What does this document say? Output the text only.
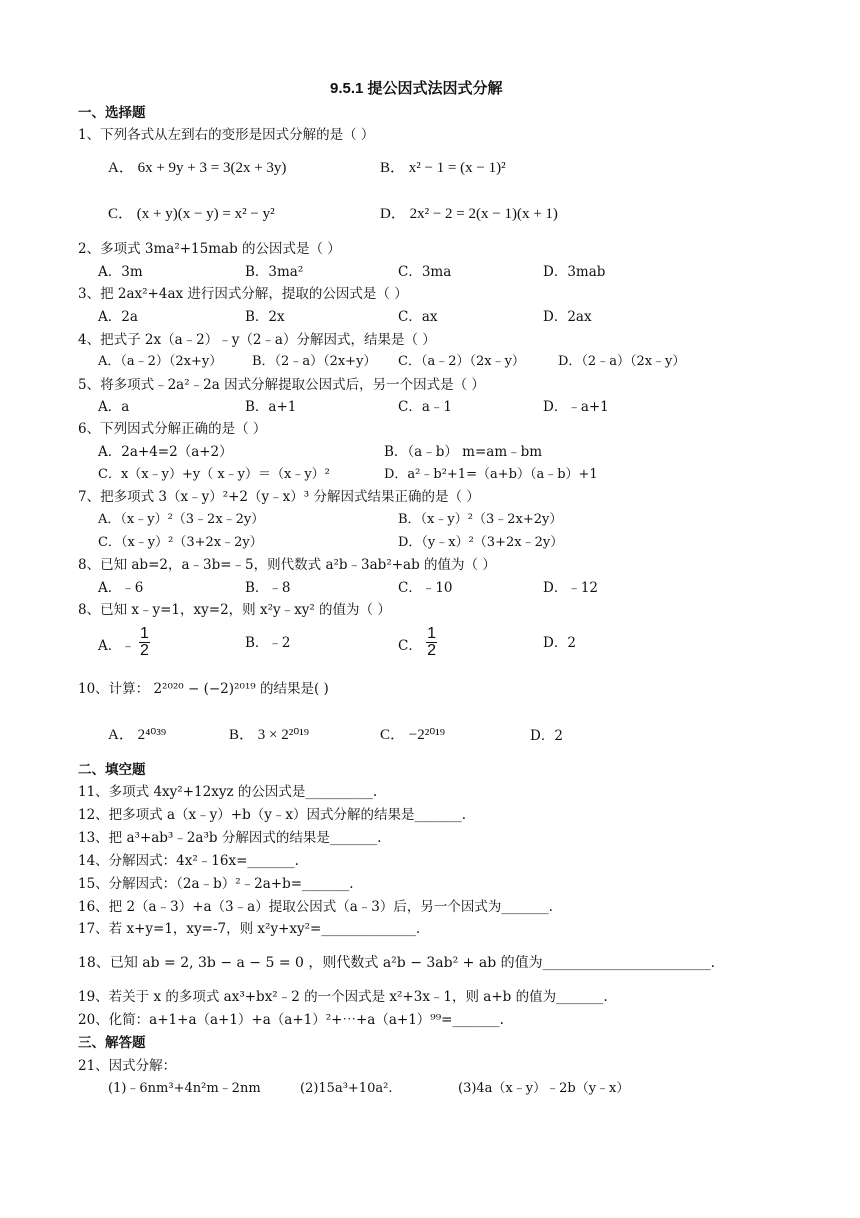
9.5.1 提公因式法因式分解
一、选择题
1、下列各式从左到右的变形是因式分解的是（ ）
A． 6x + 9y + 3 = 3(2x + 3y)	B． x² − 1 = (x − 1)²
C． (x + y)(x − y) = x² − y²	D． 2x² − 2 = 2(x − 1)(x + 1)
2、多项式 3ma²+15mab 的公因式是（ ）
A．3m	B．3ma²	C．3ma	D．3mab
3、把 2ax²+4ax 进行因式分解，提取的公因式是（ ）
A．2a	B．2x	C．ax	D．2ax
4、把式子 2x（a﹣2）﹣y（2﹣a）分解因式，结果是（ ）
A．（a﹣2）（2x+y） B．（2﹣a）（2x+y） C．（a﹣2）（2x﹣y）	D．（2﹣a）（2x﹣y）
5、将多项式﹣2a²﹣2a 因式分解提取公因式后，另一个因式是（ ）
A．a	B．a+1	C．a﹣1	D．﹣a+1
6、下列因式分解正确的是（ ）
A．2a+4=2（a+2）	B．（a﹣b） m=am﹣bm
C．x（x﹣y）+y（ x﹣y）＝（x﹣y）²	D．a²﹣b²+1=（a+b）（a﹣b）+1
7、把多项式 3（x﹣y）²+2（y﹣x）³ 分解因式结果正确的是（ ）
A．（x﹣y）²（3﹣2x﹣2y）	B．（x﹣y）²（3﹣2x+2y）
C．（x﹣y）²（3+2x﹣2y）	D．（y﹣x）²（3+2x﹣2y）
8、已知 ab=2，a﹣3b=﹣5，则代数式 a²b﹣3ab²+ab 的值为（ ）
A．﹣6	B．﹣8	C．﹣10	D．﹣12
8、已知 x﹣y=1，xy=2，则 x²y﹣xy² 的值为（ ）
A．﹣ $\frac{1}{2}$	B．﹣2	C． $\frac{1}{2}$	D．2
10、计算： 2²⁰²⁰ − (−2)²⁰¹⁹ 的结果是( )
A． 2⁴⁰³⁹	B． 3 × 2²⁰¹⁹	C． −2²⁰¹⁹	D．2
二、填空题
11、多项式 4xy²+12xyz 的公因式是__________.
12、把多项式 a（x﹣y）+b（y﹣x）因式分解的结果是_______.
13、把 a³+ab³﹣2a³b 分解因式的结果是_______.
14、分解因式：4x²﹣16x=_______.
15、分解因式：（2a﹣b）²﹣2a+b=_______.
16、把 2（a﹣3）+a（3﹣a）提取公因式（a﹣3）后，另一个因式为_______.
17、若 x+y=1，xy=-7，则 x²y+xy²=______________.
18、已知 ab = 2, 3b − a − 5 = 0 ，则代数式 a²b − 3ab² + ab 的值为________________________.
19、若关于 x 的多项式 ax³+bx²﹣2 的一个因式是 x²+3x﹣1，则 a+b 的值为_______.
20、化简：a+1+a（a+1）+a（a+1）²+⋯+a（a+1）⁹⁹=_______.
三、解答题
21、因式分解：
(1)﹣6nm³+4n²m﹣2nm	(2)15a³+10a².	(3)4a（x﹣y）﹣2b（y﹣x）
